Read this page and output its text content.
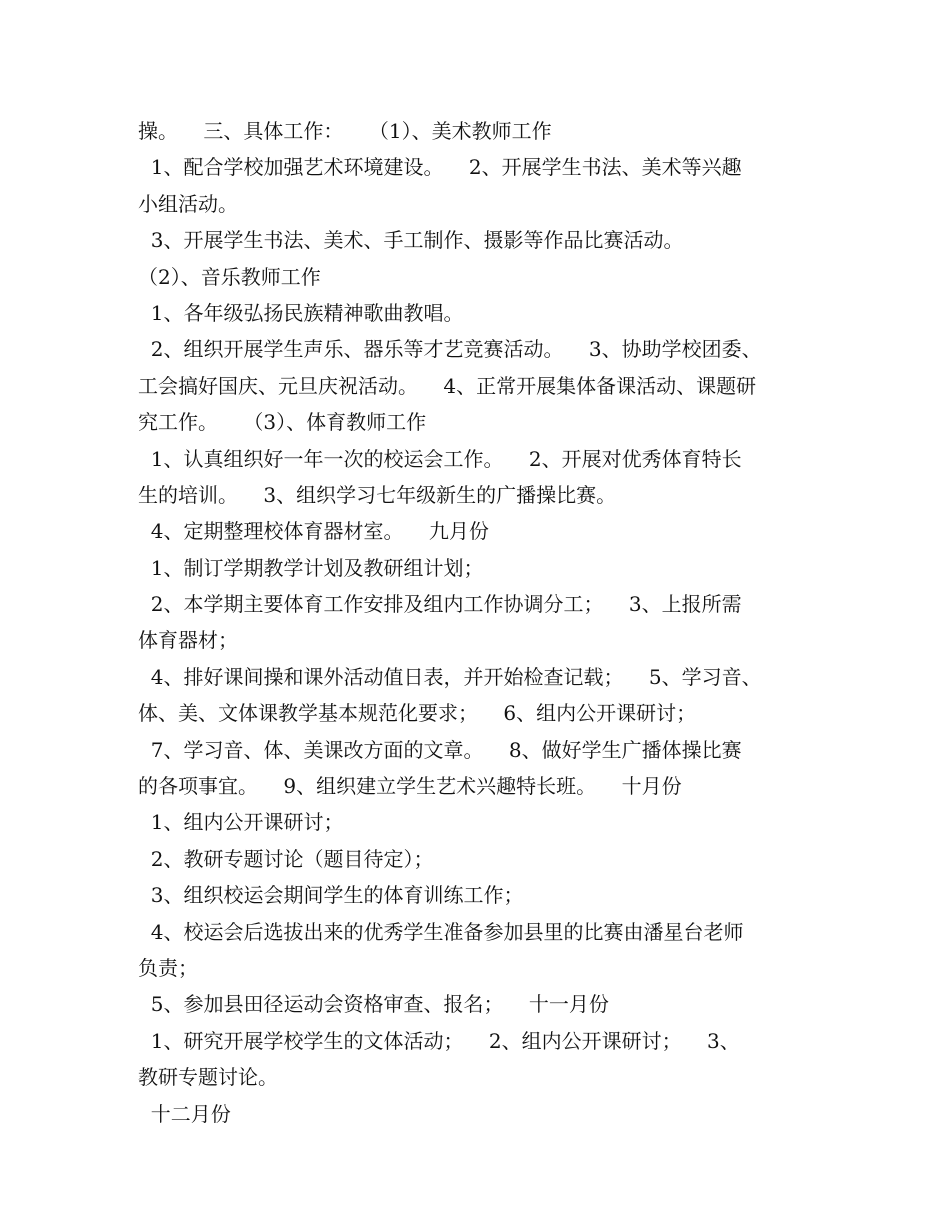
操。    三、具体工作：    （1）、美术教师工作
1、配合学校加强艺术环境建设。    2、开展学生书法、美术等兴趣
小组活动。
3、开展学生书法、美术、手工制作、摄影等作品比赛活动。
（2）、音乐教师工作
1、各年级弘扬民族精神歌曲教唱。
2、组织开展学生声乐、器乐等才艺竞赛活动。    3、协助学校团委、
工会搞好国庆、元旦庆祝活动。    4、正常开展集体备课活动、课题研
究工作。    （3）、体育教师工作
1、认真组织好一年一次的校运会工作。    2、开展对优秀体育特长
生的培训。    3、组织学习七年级新生的广播操比赛。
4、定期整理校体育器材室。    九月份
1、制订学期教学计划及教研组计划；
2、本学期主要体育工作安排及组内工作协调分工；    3、上报所需
体育器材；
4、排好课间操和课外活动值日表，并开始检查记载；    5、学习音、
体、美、文体课教学基本规范化要求；    6、组内公开课研讨；
7、学习音、体、美课改方面的文章。    8、做好学生广播体操比赛
的各项事宜。    9、组织建立学生艺术兴趣特长班。    十月份
1、组内公开课研讨；
2、教研专题讨论（题目待定）；
3、组织校运会期间学生的体育训练工作；
4、校运会后选拔出来的优秀学生准备参加县里的比赛由潘星台老师
负责；
5、参加县田径运动会资格审查、报名；    十一月份
1、研究开展学校学生的文体活动；    2、组内公开课研讨；    3、
教研专题讨论。
十二月份
